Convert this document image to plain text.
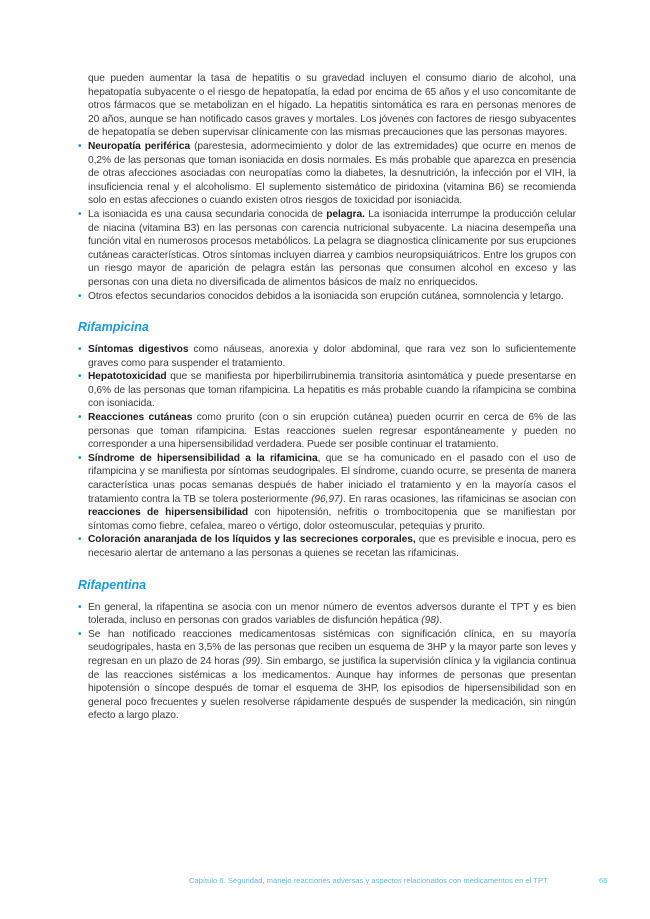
que pueden aumentar la tasa de hepatitis o su gravedad incluyen el consumo diario de alcohol, una hepatopatía subyacente o el riesgo de hepatopatía, la edad por encima de 65 años y el uso concomitante de otros fármacos que se metabolizan en el hígado. La hepatitis sintomática es rara en personas menores de 20 años, aunque se han notificado casos graves y mortales. Los jóvenes con factores de riesgo subyacentes de hepatopatía se deben supervisar clínicamente con las mismas precauciones que las personas mayores.

• Neuropatía periférica (parestesia, adormecimiento y dolor de las extremidades) que ocurre en menos de 0,2% de las personas que toman isoniacida en dosis normales. Es más probable que aparezca en presencia de otras afecciones asociadas con neuropatías como la diabetes, la desnutrición, la infección por el VIH, la insuficiencia renal y el alcoholismo. El suplemento sistemático de piridoxina (vitamina B6) se recomienda solo en estas afecciones o cuando existen otros riesgos de toxicidad por isoniacida.
• La isoniacida es una causa secundaria conocida de pelagra. La isoniacida interrumpe la producción celular de niacina (vitamina B3) en las personas con carencia nutricional subyacente. La niacina desempeña una función vital en numerosos procesos metabólicos. La pelagra se diagnostica clínicamente por sus erupciones cutáneas características. Otros síntomas incluyen diarrea y cambios neuropsiquiátricos. Entre los grupos con un riesgo mayor de aparición de pelagra están las personas que consumen alcohol en exceso y las personas con una dieta no diversificada de alimentos básicos de maíz no enriquecidos.
• Otros efectos secundarios conocidos debidos a la isoniacida son erupción cutánea, somnolencia y letargo.
Rifampicina
• Síntomas digestivos como náuseas, anorexia y dolor abdominal, que rara vez son lo suficientemente graves como para suspender el tratamiento.
• Hepatotoxicidad que se manifiesta por hiperbilirrubinemia transitoria asintomática y puede presentarse en 0,6% de las personas que toman rifampicina. La hepatitis es más probable cuando la rifampicina se combina con isoniacida.
• Reacciones cutáneas como prurito (con o sin erupción cutánea) pueden ocurrir en cerca de 6% de las personas que toman rifampicina. Estas reacciones suelen regresar espontáneamente y pueden no corresponder a una hipersensibilidad verdadera. Puede ser posible continuar el tratamiento.
• Síndrome de hipersensibilidad a la rifamicina, que se ha comunicado en el pasado con el uso de rifampicina y se manifiesta por síntomas seudogripales. El síndrome, cuando ocurre, se presenta de manera característica unas pocas semanas después de haber iniciado el tratamiento y en la mayoría casos el tratamiento contra la TB se tolera posteriormente (96,97). En raras ocasiones, las rifamicinas se asocian con reacciones de hipersensibilidad con hipotensión, nefritis o trombocitopenia que se manifiestan por síntomas como fiebre, cefalea, mareo o vértigo, dolor osteomuscular, petequias y prurito.
• Coloración anaranjada de los líquidos y las secreciones corporales, que es previsible e inocua, pero es necesario alertar de antemano a las personas a quienes se recetan las rifamicinas.
Rifapentina
• En general, la rifapentina se asocia con un menor número de eventos adversos durante el TPT y es bien tolerada, incluso en personas con grados variables de disfunción hepática (98).
• Se han notificado reacciones medicamentosas sistémicas con significación clínica, en su mayoría seudogripales, hasta en 3,5% de las personas que reciben un esquema de 3HP y la mayor parte son leves y regresan en un plazo de 24 horas (99). Sin embargo, se justifica la supervisión clínica y la vigilancia continua de las reacciones sistémicas a los medicamentos. Aunque hay informes de personas que presentan hipotensión o síncope después de tomar el esquema de 3HP, los episodios de hipersensibilidad son en general poco frecuentes y suelen resolverse rápidamente después de suspender la medicación, sin ningún efecto a largo plazo.
Capítulo 6. Seguridad, manejo reacciones adversas y aspectos relacionados con medicamentos en el TPT	66
